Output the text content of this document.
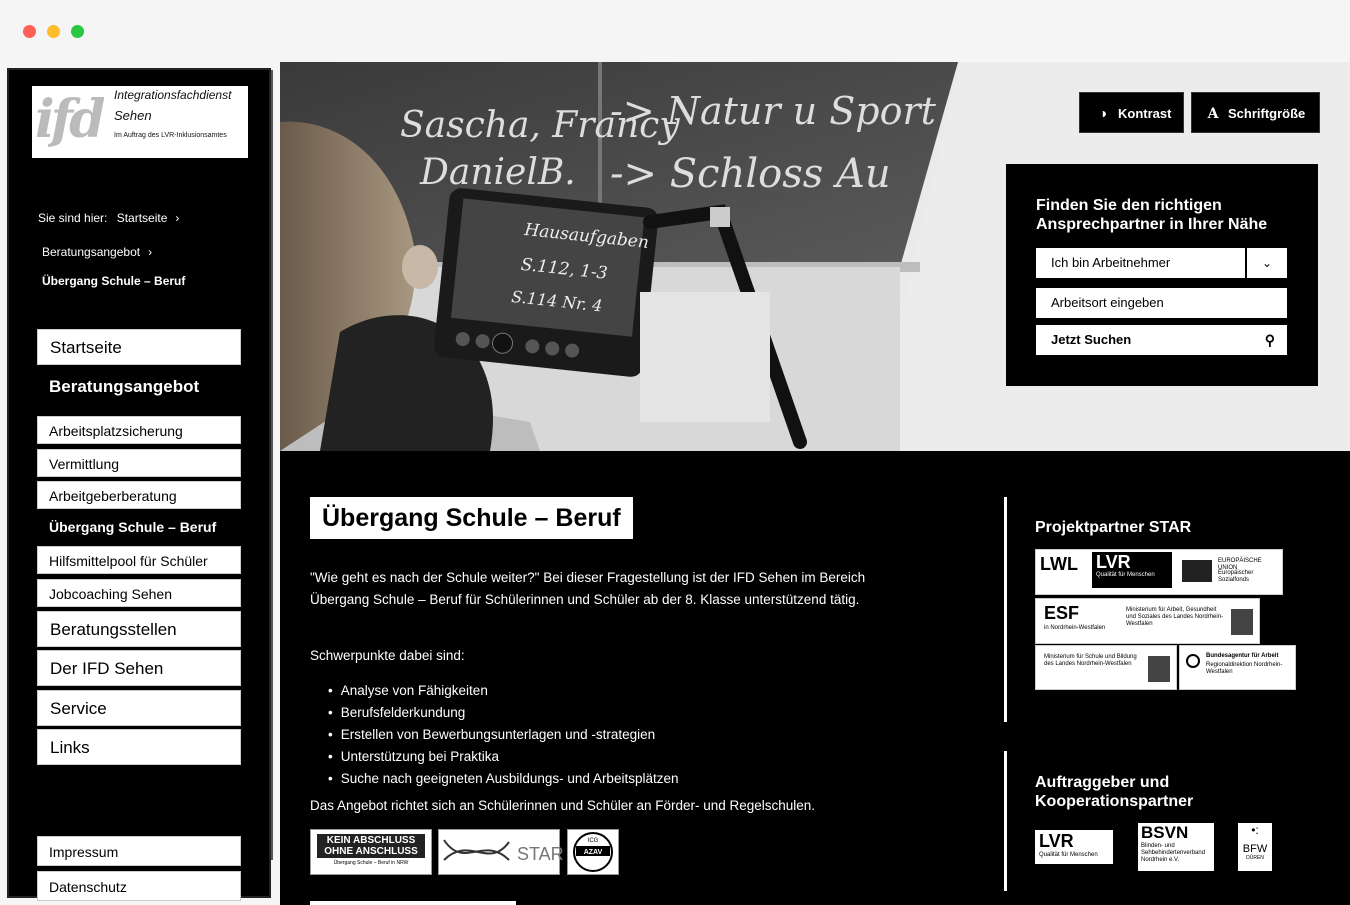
ifd	Integrationsfachdienst
Sehen
Im Auftrag des LVR-Inklusionsamtes
Sie sind hier: Startseite ›
Beratungsangebot ›
Übergang Schule – Beruf
Startseite
Beratungsangebot
Arbeitsplatzsicherung
Vermittlung
Arbeitgeberberatung
Übergang Schule – Beruf
Hilfsmittelpool für Schüler
Jobcoaching Sehen
Beratungsstellen
Der IFD Sehen
Service
Links
Impressum
Datenschutz
Sascha, Francy
DanielB.
-> Natur u Sport
-> Schloss Au
Hausaufgaben
S.112, 1-3
S.114 Nr. 4
◑ Kontrast	A Schriftgröße
Finden Sie den richtigen Ansprechpartner in Ihrer Nähe
Ich bin Arbeitnehmer	⌄
Arbeitsort eingeben
Jetzt Suchen	⚲
Übergang Schule – Beruf

"Wie geht es nach der Schule weiter?" Bei dieser Fragestellung ist der IFD Sehen im Bereich Übergang Schule – Beruf für Schülerinnen und Schüler ab der 8. Klasse unterstützend tätig.

Schwerpunkte dabei sind:

• Analyse von Fähigkeiten
• Berufsfelderkundung
• Erstellen von Bewerbungsunterlagen und -strategien
• Unterstützung bei Praktika
• Suche nach geeigneten Ausbildungs- und Arbeitsplätzen

Das Angebot richtet sich an Schülerinnen und Schüler an Förder- und Regelschulen.

KEIN ABSCHLUSS OHNE ANSCHLUSS
Übergang Schule – Beruf in NRW	STAR	AZAV
ICG
Projektpartner STAR
LWL LVR
Qualität für Menschen
EUROPÄISCHE UNION
Europäischer Sozialfonds
ESF
in Nordrhein-Westfalen
Ministerium für Arbeit, Gesundheit und Soziales des Landes Nordrhein-Westfalen
Ministerium für Schule und Bildung des Landes Nordrhein-Westfalen
Bundesagentur für Arbeit
Regionaldirektion Nordrhein-Westfalen
Auftraggeber und Kooperationspartner
LVR
Qualität für Menschen
BSVN
Blinden- und Sehbehindertenverband Nordrhein e.V.
•:
BFW
DÜREN
